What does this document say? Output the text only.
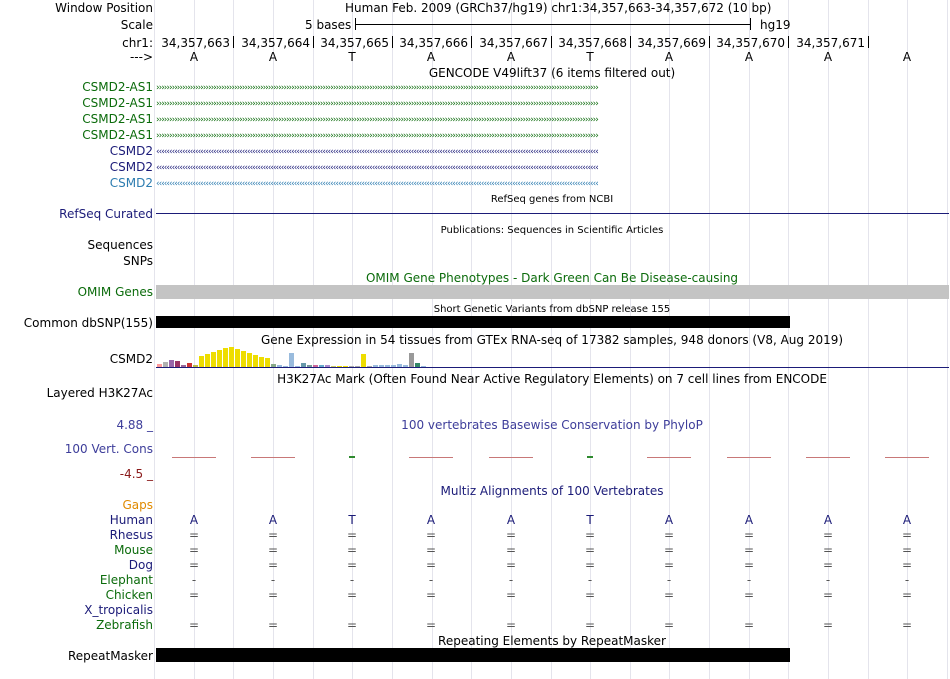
Window Position	Human Feb. 2009 (GRCh37/hg19) chr1:34,357,663-34,357,672 (10 bp)
Scale	5 bases	hg19
chr1: 34,357,663 34,357,664 34,357,665 34,357,666 34,357,667 34,357,668 34,357,669 34,357,670 34,357,671
--->	A	A	T	A	A	T	A	A	A	A
GENCODE V49lift37 (6 items filtered out)
CSMD2-AS1 ››››››››››››››››››››››››››››››››››››››››››››››››››››››››››››››››››››››››››››››››››››››››››››››››››››››››››››››››››››››››››››››››››››››››››››››››››››››››››››››››››››››››››
CSMD2-AS1 ››››››››››››››››››››››››››››››››››››››››››››››››››››››››››››››››››››››››››››››››››››››››››››››››››››››››››››››››››››››››››››››››››››››››››››››››››››››››››››››››››››››››››
CSMD2-AS1 ››››››››››››››››››››››››››››››››››››››››››››››››››››››››››››››››››››››››››››››››››››››››››››››››››››››››››››››››››››››››››››››››››››››››››››››››››››››››››››››››››››››››››
CSMD2-AS1 ››››››››››››››››››››››››››››››››››››››››››››››››››››››››››››››››››››››››››››››››››››››››››››››››››››››››››››››››››››››››››››››››››››››››››››››››››››››››››››››››››››››››››
CSMD2 ‹‹‹‹‹‹‹‹‹‹‹‹‹‹‹‹‹‹‹‹‹‹‹‹‹‹‹‹‹‹‹‹‹‹‹‹‹‹‹‹‹‹‹‹‹‹‹‹‹‹‹‹‹‹‹‹‹‹‹‹‹‹‹‹‹‹‹‹‹‹‹‹‹‹‹‹‹‹‹‹‹‹‹‹‹‹‹‹‹‹‹‹‹‹‹‹‹‹‹‹‹‹‹‹‹‹‹‹‹‹‹‹‹‹‹‹‹‹‹‹‹‹‹‹‹‹‹‹‹‹‹‹‹‹‹‹‹‹‹‹‹‹‹‹‹‹‹‹‹‹‹‹‹‹‹‹‹‹‹‹‹‹‹‹‹‹‹‹‹‹
CSMD2 ‹‹‹‹‹‹‹‹‹‹‹‹‹‹‹‹‹‹‹‹‹‹‹‹‹‹‹‹‹‹‹‹‹‹‹‹‹‹‹‹‹‹‹‹‹‹‹‹‹‹‹‹‹‹‹‹‹‹‹‹‹‹‹‹‹‹‹‹‹‹‹‹‹‹‹‹‹‹‹‹‹‹‹‹‹‹‹‹‹‹‹‹‹‹‹‹‹‹‹‹‹‹‹‹‹‹‹‹‹‹‹‹‹‹‹‹‹‹‹‹‹‹‹‹‹‹‹‹‹‹‹‹‹‹‹‹‹‹‹‹‹‹‹‹‹‹‹‹‹‹‹‹‹‹‹‹‹‹‹‹‹‹‹‹‹‹‹‹‹‹
CSMD2 ‹‹‹‹‹‹‹‹‹‹‹‹‹‹‹‹‹‹‹‹‹‹‹‹‹‹‹‹‹‹‹‹‹‹‹‹‹‹‹‹‹‹‹‹‹‹‹‹‹‹‹‹‹‹‹‹‹‹‹‹‹‹‹‹‹‹‹‹‹‹‹‹‹‹‹‹‹‹‹‹‹‹‹‹‹‹‹‹‹‹‹‹‹‹‹‹‹‹‹‹‹‹‹‹‹‹‹‹‹‹‹‹‹‹‹‹‹‹‹‹‹‹‹‹‹‹‹‹‹‹‹‹‹‹‹‹‹‹‹‹‹‹‹‹‹‹‹‹‹‹‹‹‹‹‹‹‹‹‹‹‹‹‹‹‹‹‹‹‹‹
RefSeq genes from NCBI
RefSeq Curated
Publications: Sequences in Scientific Articles
Sequences
SNPs
OMIM Gene Phenotypes - Dark Green Can Be Disease-causing
OMIM Genes
Short Genetic Variants from dbSNP release 155
Common dbSNP(155)
Gene Expression in 54 tissues from GTEx RNA-seq of 17382 samples, 948 donors (V8, Aug 2019)
CSMD2
H3K27Ac Mark (Often Found Near Active Regulatory Elements) on 7 cell lines from ENCODE
Layered H3K27Ac
4.88 _	100 vertebrates Basewise Conservation by PhyloP
100 Vert. Cons
-4.5 _
Multiz Alignments of 100 Vertebrates
Gaps
Human	A	A	T	A	A	T	A	A	A	A
Rhesus	=	=	=	=	=	=	=	=	=	=
Mouse	=	=	=	=	=	=	=	=	=	=
Dog	=	=	=	=	=	=	=	=	=	=
Elephant	-	-	-	-	-	-	-	-	-	-
Chicken	=	=	=	=	=	=	=	=	=	=
X_tropicalis
Zebrafish	=	=	=	=	=	=	=	=	=	=
Repeating Elements by RepeatMasker
RepeatMasker
